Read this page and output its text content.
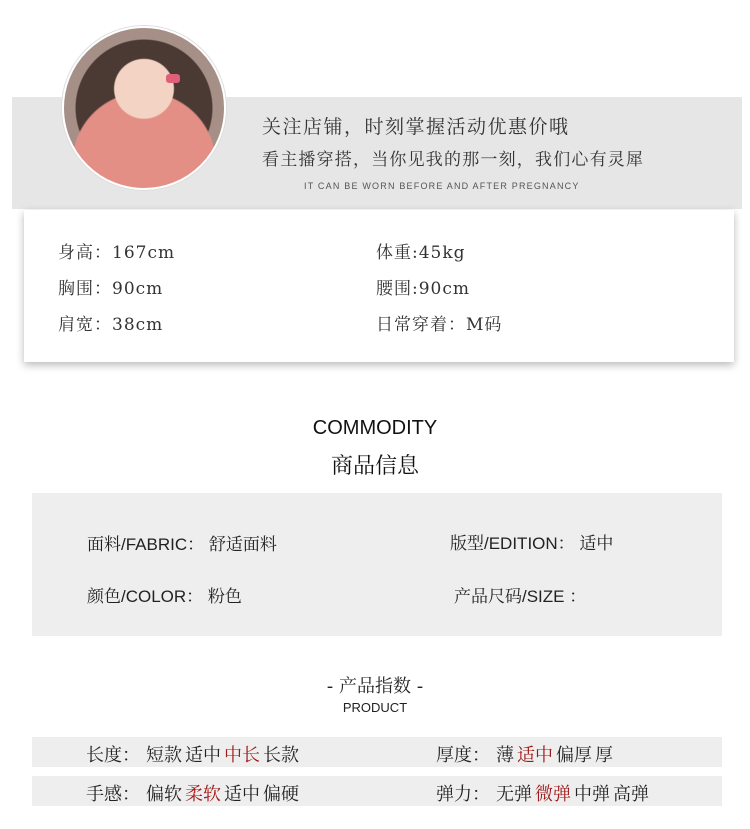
关注店铺，时刻掌握活动优惠价哦
看主播穿搭，当你见我的那一刻，我们心有灵犀
IT CAN BE WORN BEFORE AND AFTER PREGNANCY
身高：167cm	体重:45kg
胸围：90cm	腰围:90cm
肩宽：38cm	日常穿着：M码
COMMODITY
商品信息
面料/FABRIC： 舒适面料	版型/EDITION： 适中
颜色/COLOR： 粉色	产品尺码/SIZE ：
- 产品指数 -
PRODUCT
长度： 短款 适中 中长 长款	厚度： 薄 适中 偏厚 厚
手感： 偏软 柔软 适中 偏硬	弹力： 无弹 微弹 中弹 高弹
